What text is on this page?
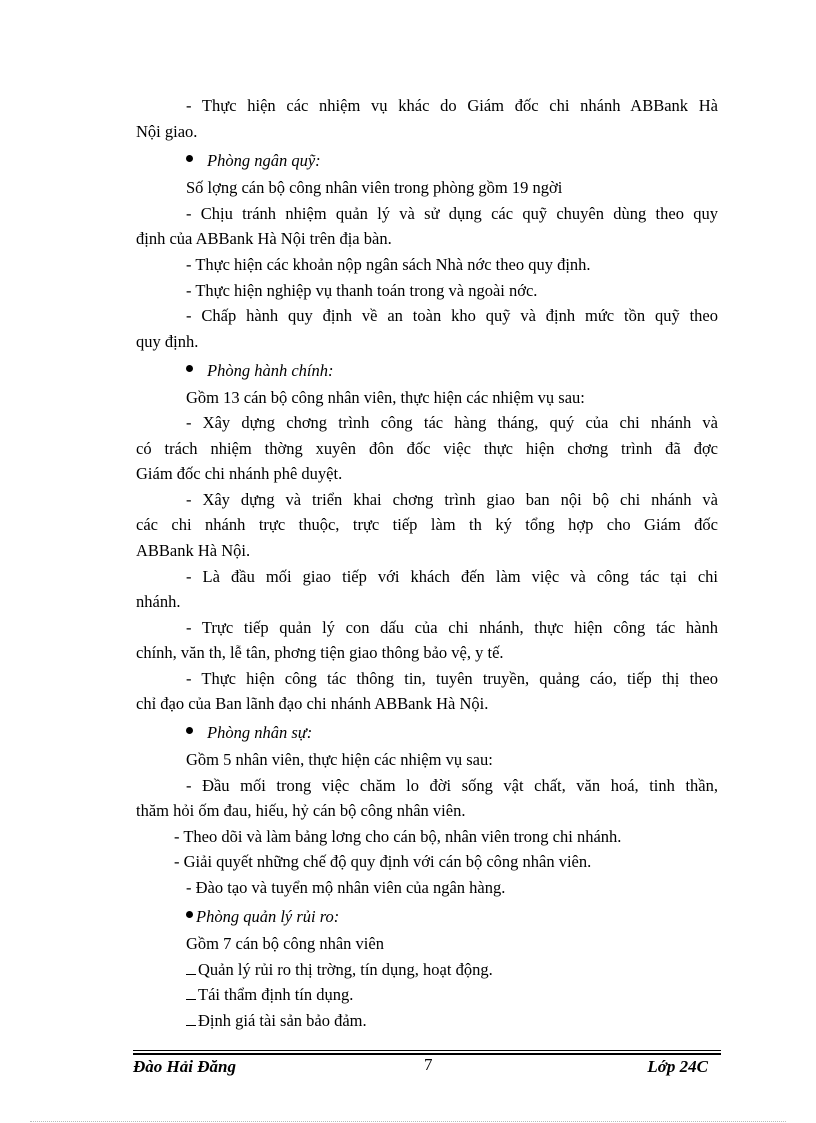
- Thực hiện các nhiệm vụ khác do Giám đốc chi nhánh ABBank Hà
Nội giao.
Phòng ngân quỹ:
Số lợng cán bộ công nhân viên trong phòng gồm 19 ngời
- Chịu tránh nhiệm quản lý và sử dụng các quỹ chuyên dùng theo quy
định của ABBank Hà Nội trên địa bàn.
- Thực hiện các khoản nộp ngân sách Nhà nớc theo quy định.
- Thực hiện nghiệp vụ thanh toán trong và ngoài nớc.
- Chấp hành quy định về an toàn kho quỹ và định mức tồn quỹ theo
quy định.
Phòng hành chính:
Gồm 13 cán bộ công nhân viên, thực hiện các nhiệm vụ sau:
- Xây dựng chơng trình công tác hàng tháng, quý của chi nhánh và
có trách nhiệm thờng xuyên đôn đốc việc thực hiện chơng trình đã đợc
Giám đốc chi nhánh phê duyệt.
- Xây dựng và triển khai chơng trình giao ban nội bộ chi nhánh và
các chi nhánh trực thuộc, trực tiếp làm th ký tổng hợp cho Giám đốc
ABBank Hà Nội.
- Là đầu mối giao tiếp với khách đến làm việc và công tác tại chi
nhánh.
- Trực tiếp quản lý con dấu của chi nhánh, thực hiện công tác hành
chính, văn th, lễ tân, phơng tiện giao thông bảo vệ, y tế.
- Thực hiện công tác thông tin, tuyên truyền, quảng cáo, tiếp thị theo
chỉ đạo của Ban lãnh đạo chi nhánh ABBank Hà Nội.
Phòng nhân sự:
Gồm 5 nhân viên, thực hiện các nhiệm vụ sau:
- Đầu mối trong việc chăm lo đời sống vật chất, văn hoá, tinh thần,
thăm hỏi ốm đau, hiếu, hỷ cán bộ công nhân viên.
- Theo dõi và làm bảng lơng cho cán bộ, nhân viên trong chi nhánh.
- Giải quyết những chế độ quy định với cán bộ công nhân viên.
- Đào tạo và tuyển mộ nhân viên của ngân hàng.
Phòng quản lý rủi ro:
Gồm 7 cán bộ công nhân viên
Quản lý rủi ro thị trờng, tín dụng, hoạt động.
Tái thẩm định tín dụng.
Định giá tài sản bảo đảm.
Đào Hải Đăng	7	Lớp 24C
